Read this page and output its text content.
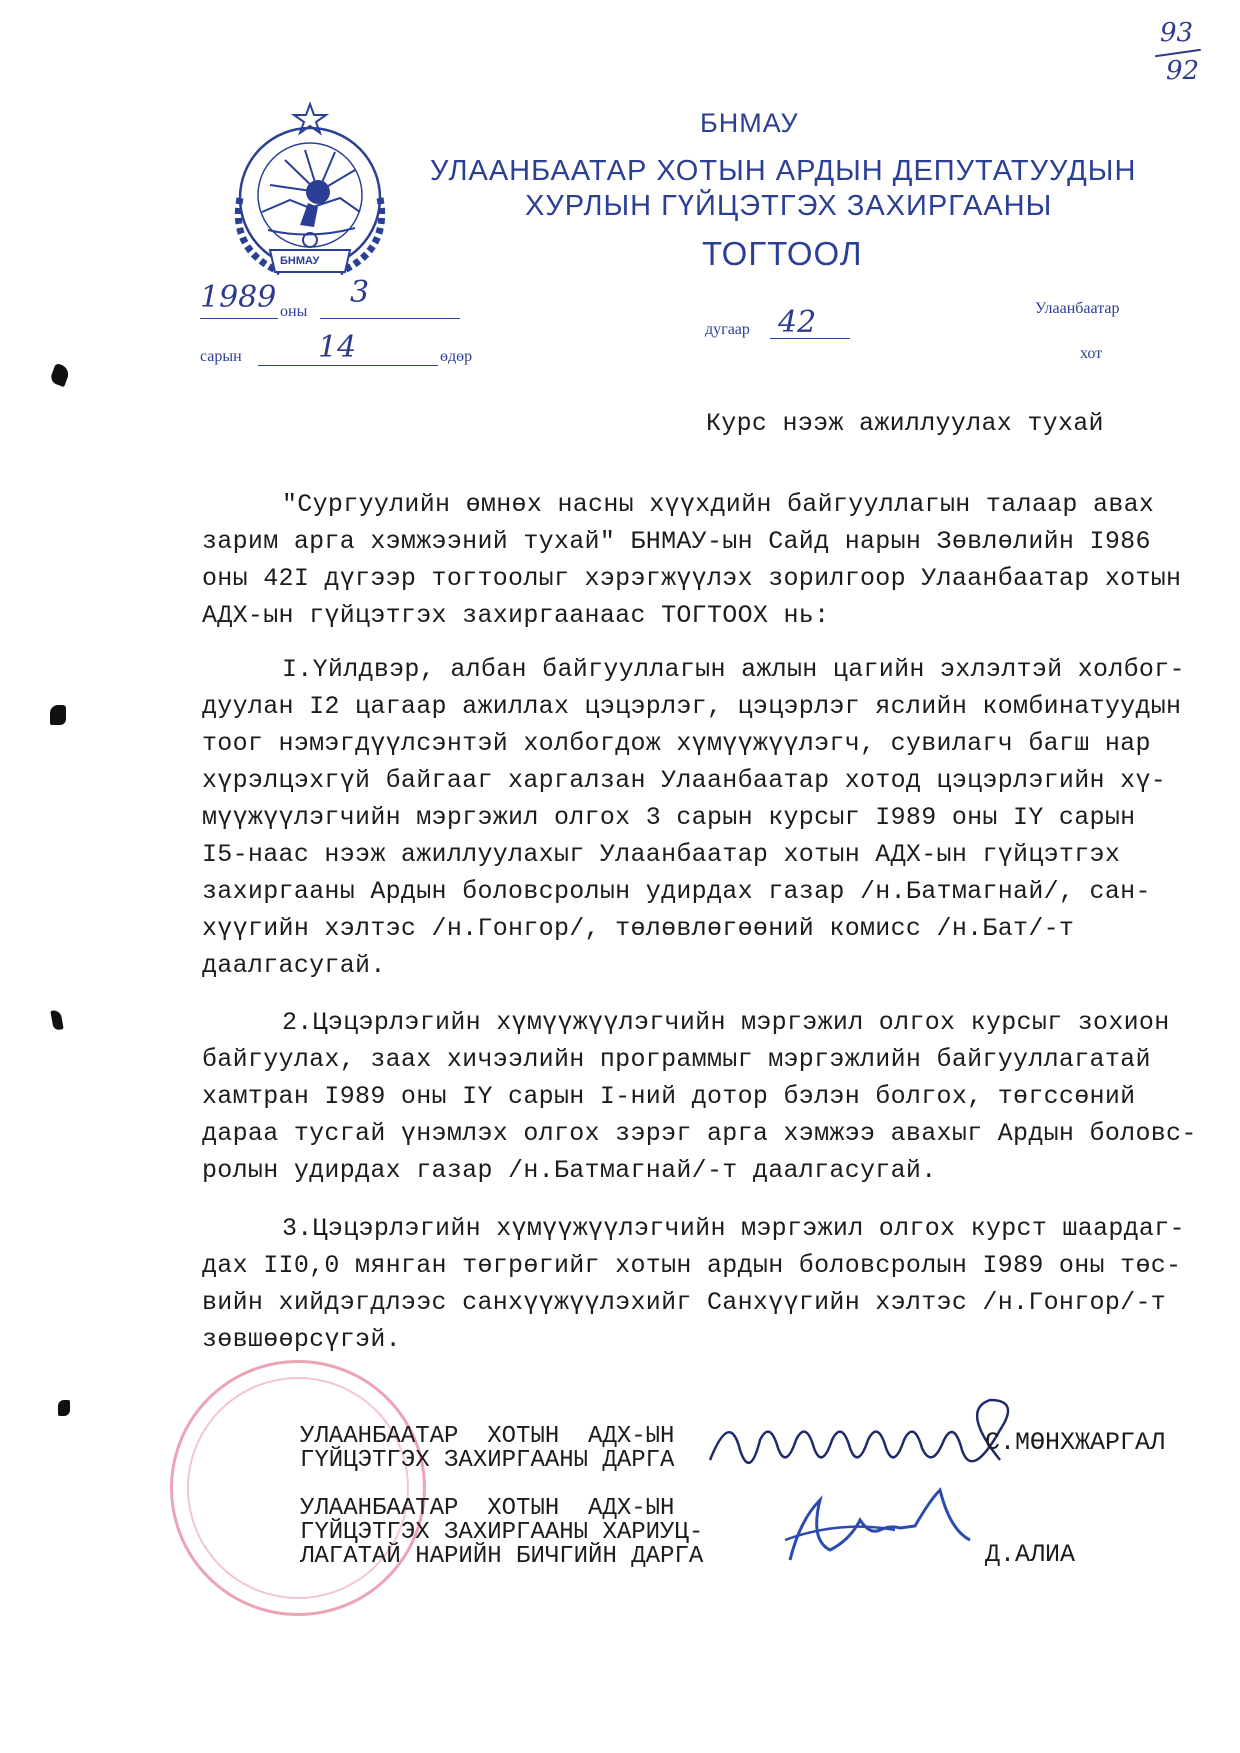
93
92
БНМАУ
БНМАУ
УЛААНБААТАР ХОТЫН АРДЫН ДЕПУТАТУУДЫН
ХУРЛЫН ГҮЙЦЭТГЭХ ЗАХИРГААНЫ
ТОГТООЛ
1989 оны
3
сарын	14	өдөр
дугаар 42	Улаанбаатар
хот
Курс нээж ажиллуулах тухай
"Сургуулийн өмнөх насны хүүхдийн байгууллагын талаар авах
зарим арга хэмжээний тухай" БНМАУ-ын Сайд нарын Зөвлөлийн I986
оны 42I дүгээр тогтоолыг хэрэгжүүлэх зорилгоор Улаанбаатар хотын
АДХ-ын гүйцэтгэх захиргаанаас ТОГТООХ нь:
I.Үйлдвэр, албан байгууллагын ажлын цагийн эхлэлтэй холбог-
дуулан I2 цагаар ажиллах цэцэрлэг, цэцэрлэг яслийн комбинатуудын
тоог нэмэгдүүлсэнтэй холбогдож хүмүүжүүлэгч, сувилагч багш нар
хүрэлцэхгүй байгааг харгалзан Улаанбаатар хотод цэцэрлэгийн хү-
мүүжүүлэгчийн мэргэжил олгох 3 сарын курсыг I989 оны IY сарын
I5-наас нээж ажиллуулахыг Улаанбаатар хотын АДХ-ын гүйцэтгэх
захиргааны Ардын боловсролын удирдах газар /н.Батмагнай/, сан-
хүүгийн хэлтэс /н.Гонгор/, төлөвлөгөөний комисс /н.Бат/-т
даалгасугай.
2.Цэцэрлэгийн хүмүүжүүлэгчийн мэргэжил олгох курсыг зохион
байгуулах, заах хичээлийн программыг мэргэжлийн байгууллагатай
хамтран I989 оны IY сарын I-ний дотор бэлэн болгох, төгссөний
дараа тусгай үнэмлэх олгох зэрэг арга хэмжээ авахыг Ардын боловс-
ролын удирдах газар /н.Батмагнай/-т даалгасугай.
3.Цэцэрлэгийн хүмүүжүүлэгчийн мэргэжил олгох курст шаардаг-
дах II0,0 мянган төгрөгийг хотын ардын боловсролын I989 оны төс-
вийн хийдэгдлээс санхүүжүүлэхийг Санхүүгийн хэлтэс /н.Гонгор/-т
зөвшөөрсүгэй.
УЛААНБААТАР  ХОТЫН  АДХ-ЫН
ГҮЙЦЭТГЭХ ЗАХИРГААНЫ ДАРГА
С.МӨНХЖАРГАЛ
УЛААНБААТАР  ХОТЫН  АДХ-ЫН
ГҮЙЦЭТГЭХ ЗАХИРГААНЫ ХАРИУЦ-
ЛАГАТАЙ НАРИЙН БИЧГИЙН ДАРГА	Д.АЛИА
